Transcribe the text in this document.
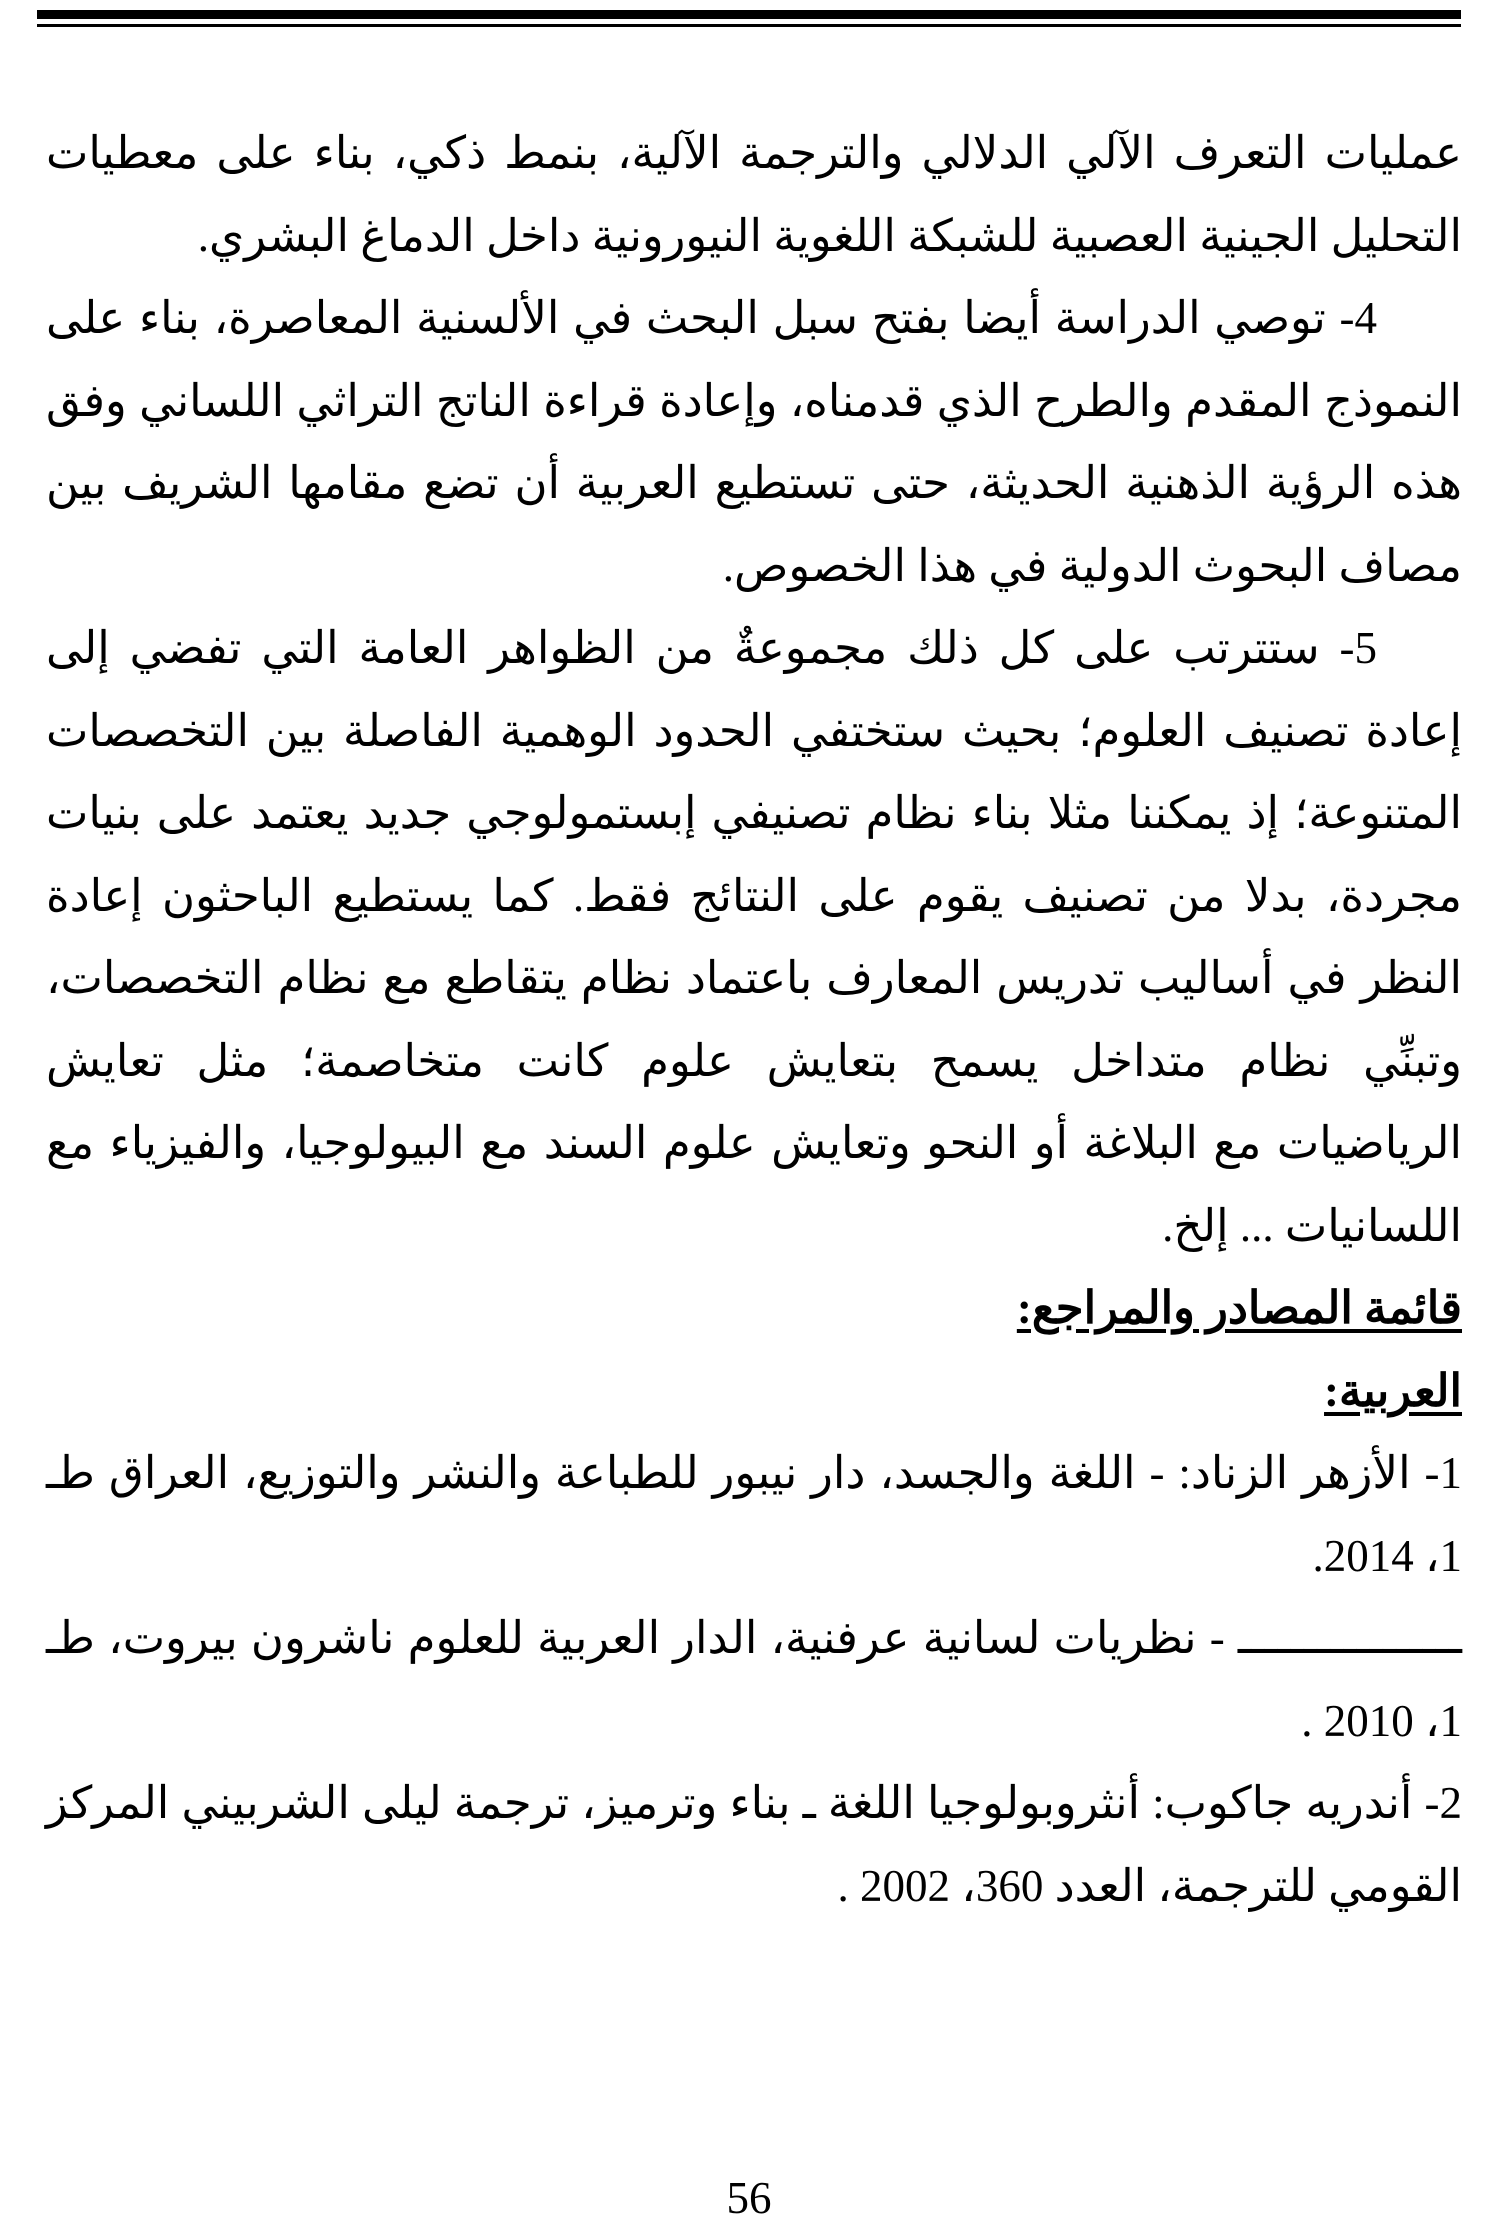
عمليات التعرف الآلي الدلالي والترجمة الآلية، بنمط ذكي، بناء على معطيات التحليل الجينية العصبية للشبكة اللغوية النيورونية داخل الدماغ البشري.

4- توصي الدراسة أيضا بفتح سبل البحث في الألسنية المعاصرة، بناء على النموذج المقدم والطرح الذي قدمناه، وإعادة قراءة الناتج التراثي اللساني وفق هذه الرؤية الذهنية الحديثة، حتى تستطيع العربية أن تضع مقامها الشريف بين مصاف البحوث الدولية في هذا الخصوص.

5- ستترتب على كل ذلك مجموعةٌ من الظواهر العامة التي تفضي إلى إعادة تصنيف العلوم؛ بحيث ستختفي الحدود الوهمية الفاصلة بين التخصصات المتنوعة؛ إذ يمكننا مثلا بناء نظام تصنيفي إبستمولوجي جديد يعتمد على بنيات مجردة، بدلا من تصنيف يقوم على النتائج فقط. كما يستطيع الباحثون إعادة النظر في أساليب تدريس المعارف باعتماد نظام يتقاطع مع نظام التخصصات، وتبنِّي نظام متداخل يسمح بتعايش علوم كانت متخاصمة؛ مثل تعايش الرياضيات مع البلاغة أو النحو وتعايش علوم السند مع البيولوجيا، والفيزياء مع اللسانيات ... إلخ.

قائمة المصادر والمراجع:

العربية:

1- الأزهر الزناد: - اللغة والجسد، دار نيبور للطباعة والنشر والتوزيع، العراق طـ 1، 2014.

ـــــــــــــــــ - نظريات لسانية عرفنية، الدار العربية للعلوم ناشرون بيروت، طـ 1، 2010 .

2- أندريه جاكوب: أنثروبولوجيا اللغة ـ بناء وترميز، ترجمة ليلى الشربيني المركز القومي للترجمة، العدد 360، 2002 .

56
